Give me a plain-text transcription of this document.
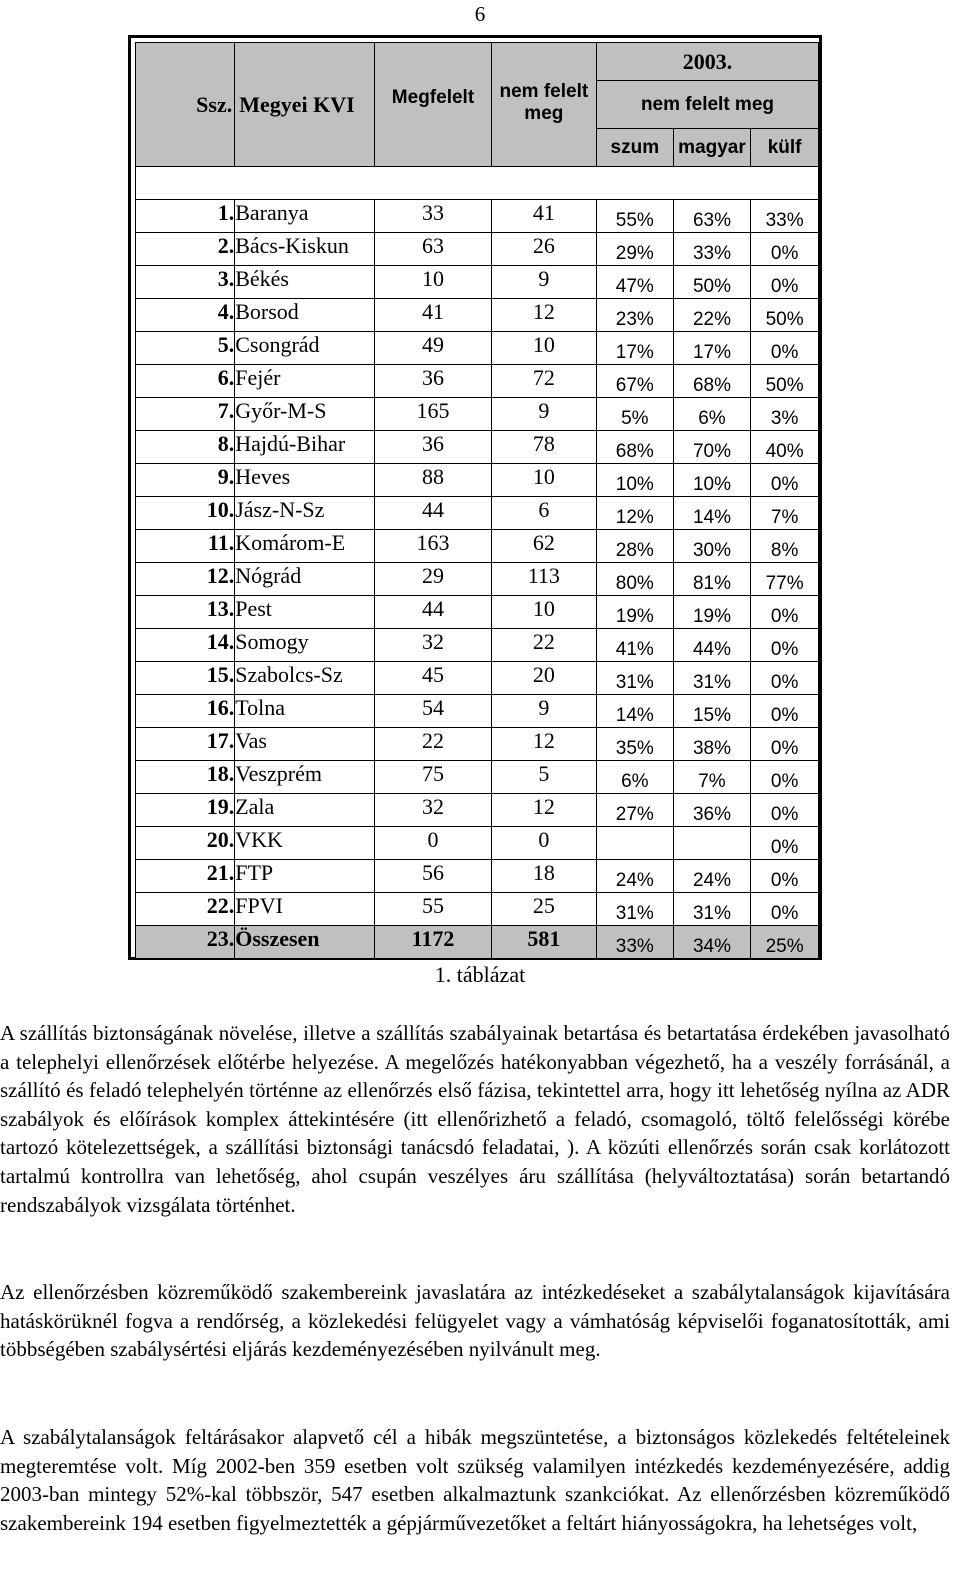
6
Ssz.	Megyei KVI			2003.		
		Megfelelt	nem felelt meg	nem felelt meg		
				szum	magyar	külf

1.	Baranya	33	41	55%	63%	33%
2.	Bács-Kiskun	63	26	29%	33%	0%
3.	Békés	10	9	47%	50%	0%
4.	Borsod	41	12	23%	22%	50%
5.	Csongrád	49	10	17%	17%	0%
6.	Fejér	36	72	67%	68%	50%
7.	Győr-M-S	165	9	5%	6%	3%
8.	Hajdú-Bihar	36	78	68%	70%	40%
9.	Heves	88	10	10%	10%	0%
10.	Jász-N-Sz	44	6	12%	14%	7%
11.	Komárom-E	163	62	28%	30%	8%
12.	Nógrád	29	113	80%	81%	77%
13.	Pest	44	10	19%	19%	0%
14.	Somogy	32	22	41%	44%	0%
15.	Szabolcs-Sz	45	20	31%	31%	0%
16.	Tolna	54	9	14%	15%	0%
17.	Vas	22	12	35%	38%	0%
18.	Veszprém	75	5	6%	7%	0%
19.	Zala	32	12	27%	36%	0%
20.	VKK	0	0			0%
21.	FTP	56	18	24%	24%	0%
22.	FPVI	55	25	31%	31%	0%
23.	Összesen	1172	581	33%	34%	25%
1. táblázat

A szállítás biztonságának növelése, illetve a szállítás szabályainak betartása és betartatása érdekében javasolható a telephelyi ellenőrzések előtérbe helyezése. A megelőzés hatékonyabban végezhető, ha a veszély forrásánál, a szállító és feladó telephelyén történne az ellenőrzés első fázisa, tekintettel arra, hogy itt lehetőség nyílna az ADR szabályok és előírások komplex áttekintésére (itt ellenőrizhető a feladó, csomagoló, töltő felelősségi körébe tartozó kötelezettségek, a szállítási biztonsági tanácsdó feladatai, ). A közúti ellenőrzés során csak korlátozott tartalmú kontrollra van lehetőség, ahol csupán veszélyes áru szállítása (helyváltoztatása) során betartandó rendszabályok vizsgálata történhet.

Az ellenőrzésben közreműködő szakembereink javaslatára az intézkedéseket a szabálytalanságok kijavítására hatáskörüknél fogva a rendőrség, a közlekedési felügyelet vagy a vámhatóság képviselői foganatosították, ami többségében szabálysértési eljárás kezdeményezésében nyilvánult meg.

A szabálytalanságok feltárásakor alapvető cél a hibák megszüntetése, a biztonságos közlekedés feltételeinek megteremtése volt. Míg 2002-ben 359 esetben volt szükség valamilyen intézkedés kezdeményezésére, addig 2003-ban mintegy 52%-kal többször, 547 esetben alkalmaztunk szankciókat. Az ellenőrzésben közreműködő szakembereink 194 esetben figyelmeztették a gépjárművezetőket a feltárt hiányosságokra, ha lehetséges volt,
